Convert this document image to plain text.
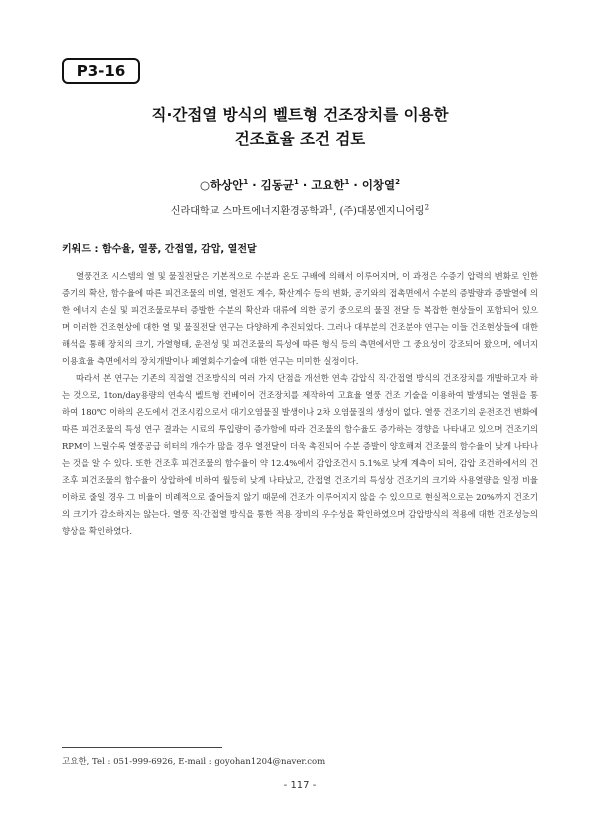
P3-16
직·간접열 방식의 벨트형 건조장치를 이용한
건조효율 조건 검토
○하상안$^1$ · 김동균$^1$ · 고요한$^1$ · 이창열$^2$
신라대학교 스마트에너지환경공학과$^1$, (주)대봉엔지니어링$^2$
키워드 : 함수율, 열풍, 간접열, 감압, 열전달

열풍건조 시스템의 열 및 물질전달은 기본적으로 수분과 온도 구배에 의해서 이루어지며, 이 과정은 수증기 압력의 변화로 인한 증기의 확산, 함수율에 따른 피건조물의 비열, 열전도 계수, 확산계수 등의 변화, 공기와의 접촉면에서 수분의 증발량과 증발열에 의한 에너지 손실 및 피건조물로부터 증발한 수분의 확산과 대류에 의한 공기 중으로의 물질 전달 등 복잡한 현상들이 포함되어 있으며 이러한 건조현상에 대한 열 및 물질전달 연구는 다양하게 추진되었다. 그러나 대부분의 건조분야 연구는 이들 건조현상들에 대한 해석을 통해 장치의 크기, 가열형태, 운전성 및 피건조물의 특성에 따른 형식 등의 측면에서만 그 중요성이 강조되어 왔으며, 에너지 이용효율 측면에서의 장치개발이나 폐열회수기술에 대한 연구는 미미한 실정이다.

따라서 본 연구는 기존의 직접열 건조방식의 여러 가지 단점을 개선한 연속 감압식 직·간접열 방식의 건조장치를 개발하고자 하는 것으로, 1ton/day용량의 연속식 벨트형 컨베이어 건조장치를 제작하여 고효율 열풍 건조 기술을 이용하여 발생되는 열원을 통하여 180℃ 이하의 온도에서 건조시킴으로서 대기오염물질 발생이나 2차 오염물질의 생성이 없다. 열풍 건조기의 운전조건 변화에 따른 피건조물의 특성 연구 결과는 시료의 투입량이 증가함에 따라 건조물의 함수율도 증가하는 경향을 나타내고 있으며 건조기의 RPM이 느릴수록 열풍공급 히터의 개수가 많을 경우 열전달이 더욱 촉진되어 수분 증발이 양호해져 건조물의 함수율이 낮게 나타나는 것을 알 수 있다. 또한 건조후 피건조물의 함수율이 약 12.4%에서 감압조건시 5.1%로 낮게 계측이 되어, 감압 조건하에서의 건조후 피건조물의 함수율이 상압하에 비하여 월등히 낮게 나타났고, 간접열 건조기의 특성상 건조기의 크기와 사용열량을 일정 비율 이하로 줄일 경우 그 비율이 비례적으로 줄어들지 않기 때문에 건조가 이루어지지 않을 수 있으므로 현실적으로는 20%까지 건조기의 크기가 감소하지는 않는다. 열풍 직·간접열 방식을 통한 적용 장비의 우수성을 확인하였으며 감압방식의 적용에 대한 건조성능의 향상을 확인하였다.

고요한, Tel : 051-999-6926, E-mail : goyohan1204@naver.com
- 117 -
